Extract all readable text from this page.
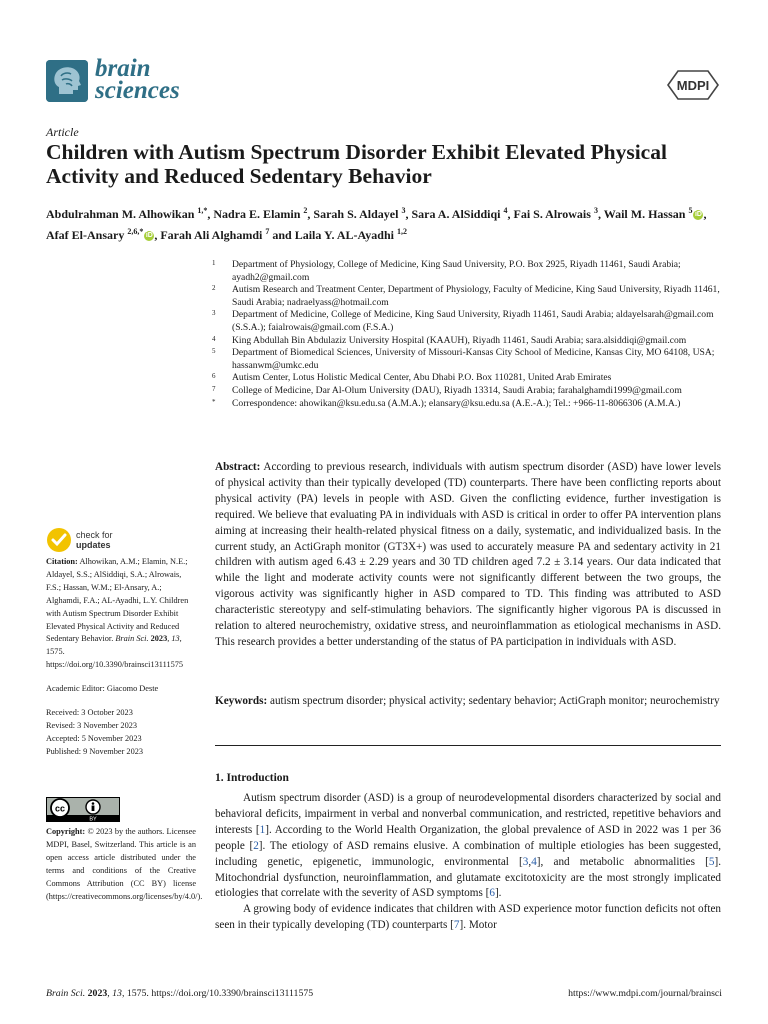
brain
sciences	MDPI
Article
Children with Autism Spectrum Disorder Exhibit Elevated Physical Activity and Reduced Sedentary Behavior
Abdulrahman M. Alhowikan $^{1,*}$, Nadra E. Elamin $^2$, Sarah S. Aldayel $^3$, Sara A. AlSiddiqi $^4$, Fai S. Alrowais $^3$, Wail M. Hassan $^5$ iD , Afaf El-Ansary $^{2,6,*}$ iD , Farah Ali Alghamdi $^7$ and Laila Y. AL-Ayadhi $^{1,2}$

1 Department of Physiology, College of Medicine, King Saud University, P.O. Box 2925, Riyadh 11461, Saudi Arabia; ayadh2@gmail.com

2 Autism Research and Treatment Center, Department of Physiology, Faculty of Medicine, King Saud University, Riyadh 11461, Saudi Arabia; nadraelyass@hotmail.com

3 Department of Medicine, College of Medicine, King Saud University, Riyadh 11461, Saudi Arabia; aldayelsarah@gmail.com (S.S.A.); faialrowais@gmail.com (F.S.A.)

4 King Abdullah Bin Abdulaziz University Hospital (KAAUH), Riyadh 11461, Saudi Arabia; sara.alsiddiqi@gmail.com

5 Department of Biomedical Sciences, University of Missouri-Kansas City School of Medicine, Kansas City, MO 64108, USA; hassanwm@umkc.edu

6 Autism Center, Lotus Holistic Medical Center, Abu Dhabi P.O. Box 110281, United Arab Emirates

7 College of Medicine, Dar Al-Olum University (DAU), Riyadh 13314, Saudi Arabia; farahalghamdi1999@gmail.com

* Correspondence: ahowikan@ksu.edu.sa (A.M.A.); elansary@ksu.edu.sa (A.E.-A.); Tel.: +966-11-8066306 (A.M.A.)

Abstract: According to previous research, individuals with autism spectrum disorder (ASD) have lower levels of physical activity than their typically developed (TD) counterparts. There have been conflicting reports about physical activity (PA) levels in people with ASD. Given the conflicting evidence, further investigation is required. We believe that evaluating PA in individuals with ASD is critical in order to offer PA intervention plans aiming at increasing their health-related physical fitness on a daily, systematic, and individualized basis. In the current study, an ActiGraph monitor (GT3X+) was used to accurately measure PA and sedentary activity in 21 children with autism aged 6.43 ± 2.29 years and 30 TD children aged 7.2 ± 3.14 years. Our data indicated that while the light and moderate activity counts were not significantly different between the two groups, the vigorous activity was significantly higher in ASD compared to TD. This finding was attributed to ASD characteristic stereotypy and self-stimulating behaviors. The significantly higher vigorous PA is discussed in relation to altered neurochemistry, oxidative stress, and neuroinflammation as etiological mechanisms in ASD. This research provides a better understanding of the status of PA participation in individuals with ASD.
Keywords: autism spectrum disorder; physical activity; sedentary behavior; ActiGraph monitor; neurochemistry
1. Introduction

Autism spectrum disorder (ASD) is a group of neurodevelopmental disorders characterized by social and behavioral deficits, impairment in verbal and nonverbal communication, and restricted, repetitive behaviors and interests [1]. According to the World Health Organization, the global prevalence of ASD in 2022 was 1 per 36 people [2]. The etiology of ASD remains elusive. A combination of multiple etiologies has been suggested, including genetic, epigenetic, immunologic, environmental [3,4], and metabolic abnormalities [5]. Mitochondrial dysfunction, neuroinflammation, and glutamate excitotoxicity are the most strongly implicated etiologies that correlate with the severity of ASD symptoms [6].

A growing body of evidence indicates that children with ASD experience motor function deficits not often seen in their typically developing (TD) counterparts [7]. Motor

check for
updates

Citation: Alhowikan, A.M.; Elamin, N.E.; Aldayel, S.S.; AlSiddiqi, S.A.; Alrowais, F.S.; Hassan, W.M.; El-Ansary, A.; Alghamdi, F.A.; AL-Ayadhi, L.Y. Children with Autism Spectrum Disorder Exhibit Elevated Physical Activity and Reduced Sedentary Behavior. Brain Sci. 2023, 13, 1575. https://doi.org/10.3390/brainsci13111575

Academic Editor: Giacomo Deste

Received: 3 October 2023
Revised: 3 November 2023
Accepted: 5 November 2023
Published: 9 November 2023
cc
BY
Copyright: © 2023 by the authors. Licensee MDPI, Basel, Switzerland. This article is an open access article distributed under the terms and conditions of the Creative Commons Attribution (CC BY) license (https://creativecommons.org/licenses/by/4.0/).
Brain Sci. 2023, 13, 1575. https://doi.org/10.3390/brainsci13111575	https://www.mdpi.com/journal/brainsci
